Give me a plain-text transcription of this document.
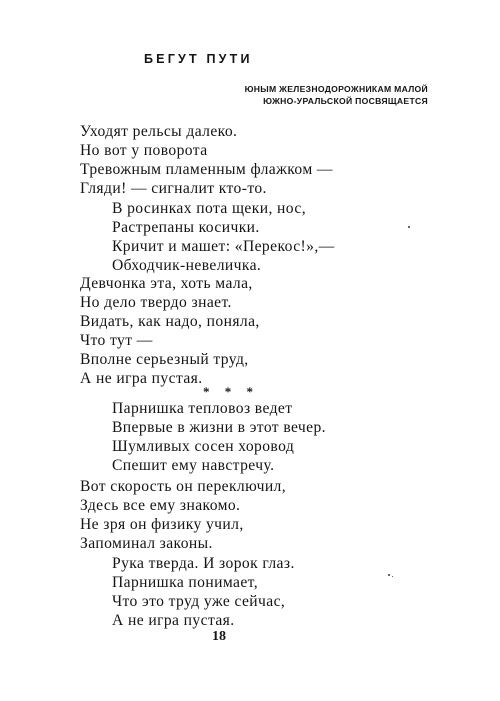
БЕГУТ ПУТИ
ЮНЫМ ЖЕЛЕЗНОДОРОЖНИКАМ МАЛОЙ
ЮЖНО-УРАЛЬСКОЙ ПОСВЯЩАЕТСЯ
Уходят рельсы далеко.
Но вот у поворота
Тревожным пламенным флажком —
Гляди! — сигналит кто-то.
В росинках пота щеки, нос,
Растрепаны косички.
Кричит и машет: «Перекос!»,—
Обходчик-невеличка.
Девчонка эта, хоть мала,
Но дело твердо знает.
Видать, как надо, поняла,
Что тут —
Вполне серьезный труд,
А не игра пустая.
* * *
Парнишка тепловоз ведет
Впервые в жизни в этот вечер.
Шумливых сосен хоровод
Спешит ему навстречу.
Вот скорость он переключил,
Здесь все ему знакомо.
Не зря он физику учил,
Запоминал законы.
Рука тверда. И зорок глаз.
Парнишка понимает,
Что это труд уже сейчас,
А не игра пустая.
18
